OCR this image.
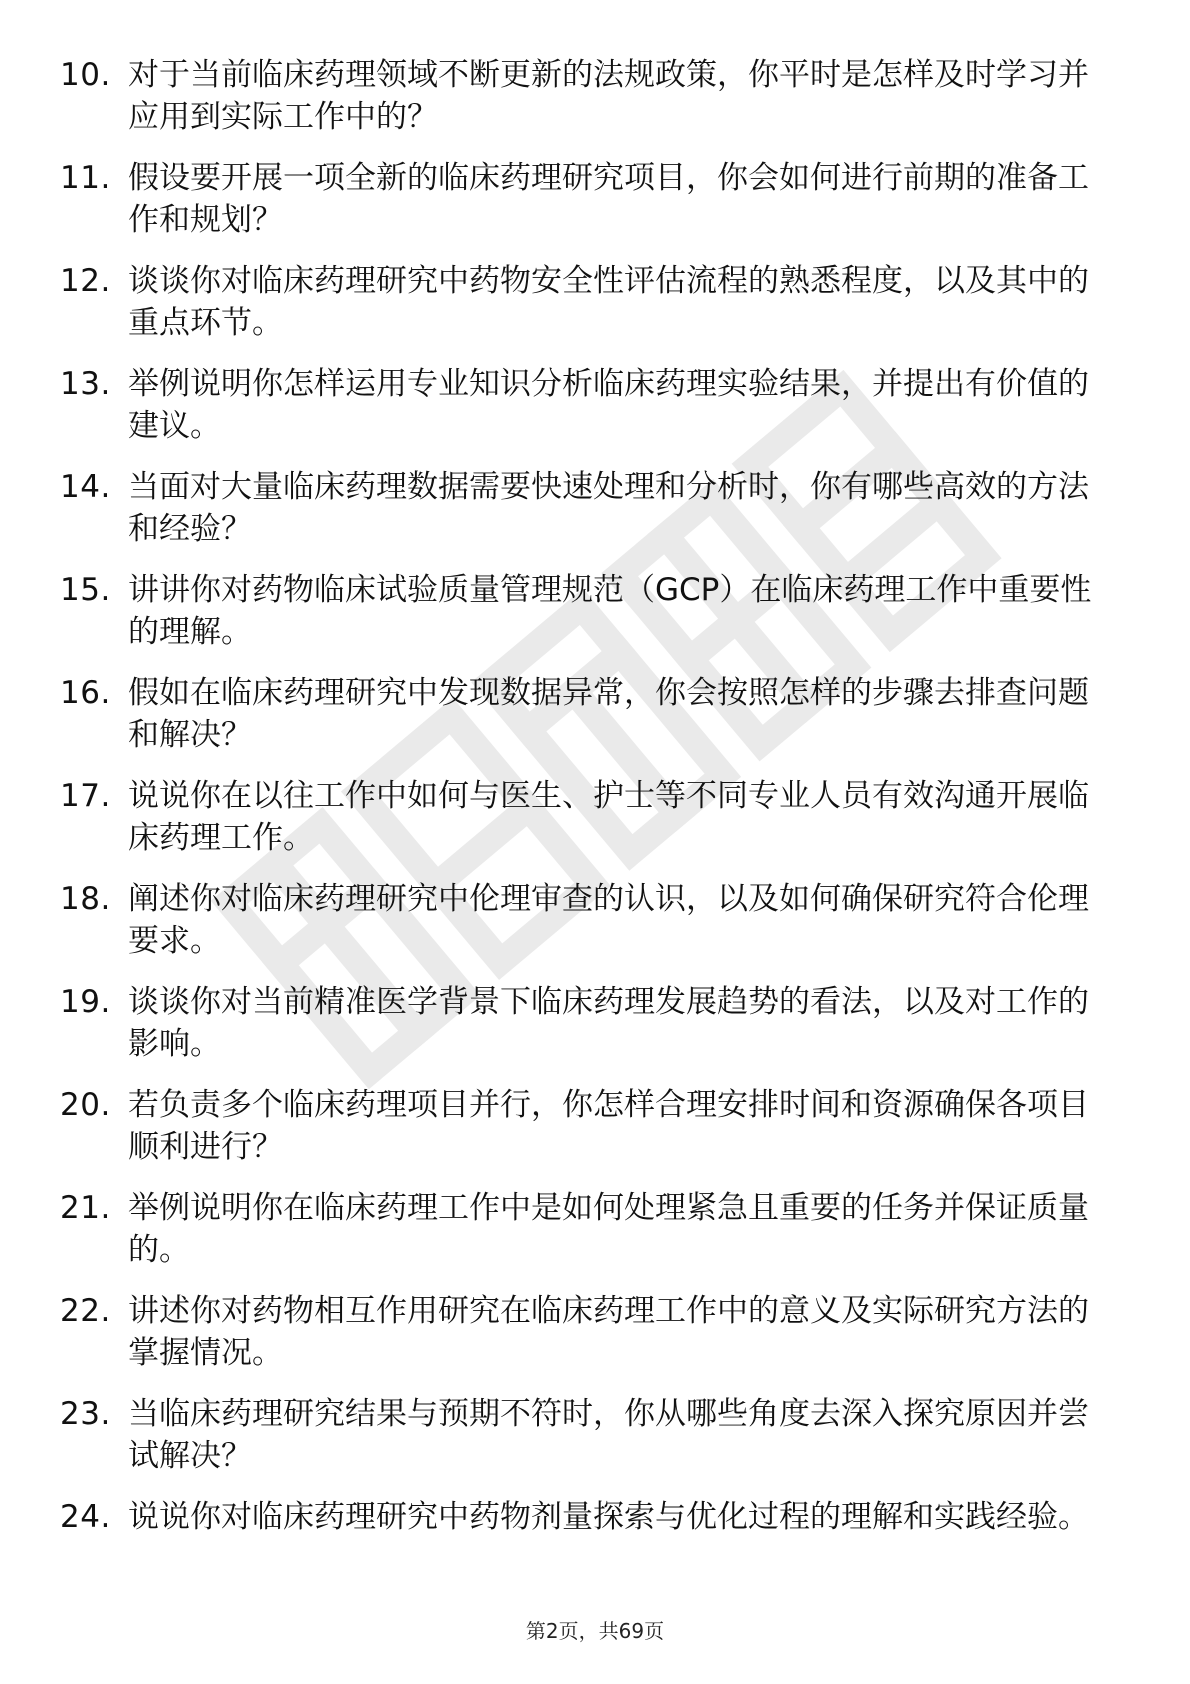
10. 对于当前临床药理领域不断更新的法规政策，你平时是怎样及时学习并应用到实际工作中的？
11. 假设要开展一项全新的临床药理研究项目，你会如何进行前期的准备工作和规划？
12. 谈谈你对临床药理研究中药物安全性评估流程的熟悉程度，以及其中的重点环节。
13. 举例说明你怎样运用专业知识分析临床药理实验结果，并提出有价值的建议。
14. 当面对大量临床药理数据需要快速处理和分析时，你有哪些高效的方法和经验？
15. 讲讲你对药物临床试验质量管理规范（GCP）在临床药理工作中重要性的理解。
16. 假如在临床药理研究中发现数据异常，你会按照怎样的步骤去排查问题和解决？
17. 说说你在以往工作中如何与医生、护士等不同专业人员有效沟通开展临床药理工作。
18. 阐述你对临床药理研究中伦理审查的认识，以及如何确保研究符合伦理要求。
19. 谈谈你对当前精准医学背景下临床药理发展趋势的看法，以及对工作的影响。
20. 若负责多个临床药理项目并行，你怎样合理安排时间和资源确保各项目顺利进行？
21. 举例说明你在临床药理工作中是如何处理紧急且重要的任务并保证质量的。
22. 讲述你对药物相互作用研究在临床药理工作中的意义及实际研究方法的掌握情况。
23. 当临床药理研究结果与预期不符时，你从哪些角度去深入探究原因并尝试解决？
24. 说说你对临床药理研究中药物剂量探索与优化过程的理解和实践经验。
第2页，共69页
